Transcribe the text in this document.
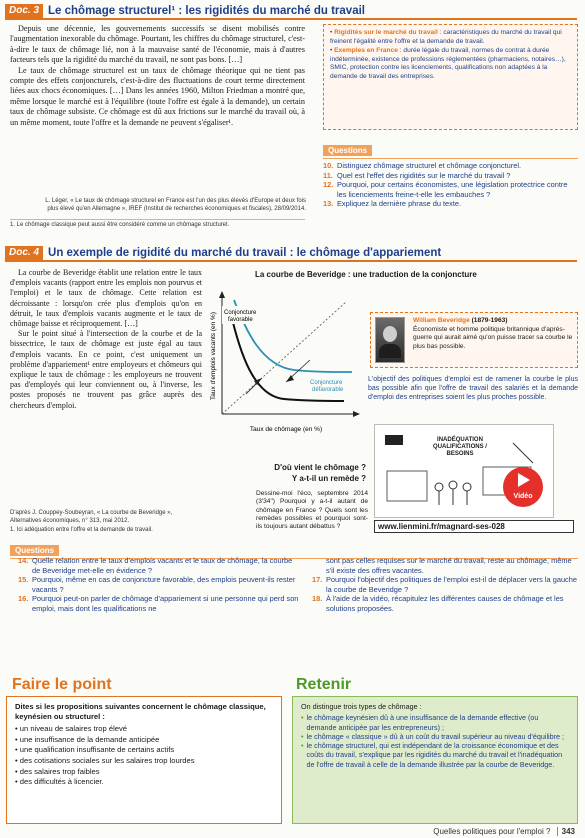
Doc. 3 Le chômage structurel¹ : les rigidités du marché du travail

Depuis une décennie, les gouvernements successifs se disent mobilisés contre l'augmentation inexorable du chômage. Pourtant, les chiffres du chômage structurel, c'est-à-dire le taux de chômage lié, non à la mauvaise santé de l'économie, mais à d'autres facteurs tels que la rigidité du marché du travail, ne sont pas bons. […]

Le taux de chômage structurel est un taux de chômage théorique qui ne tient pas compte des effets conjoncturels, c'est-à-dire des fluctuations de court terme directement liées aux chocs économiques. […] Dans les années 1960, Milton Friedman a montré que, même lorsque le marché est à l'équilibre (toute l'offre est égale à la demande), un certain taux de chômage subsiste. Ce chômage est dû aux frictions sur le marché du travail où, à un même moment, toute l'offre et la demande ne peuvent s'égaliser¹.

L. Léger, « Le taux de chômage structurel en France est l'un des plus élevés d'Europe et deux fois plus élevé qu'en Allemagne », IREF (Institut de recherches économiques et fiscales), 28/09/2014.
1. Le chômage classique peut aussi être considéré comme un chômage structurel.
• Rigidités sur le marché du travail : caractéristiques du marché du travail qui freinent l'égalité entre l'offre et la demande de travail.
• Exemples en France : durée légale du travail, normes de contrat à durée indéterminée, existence de professions réglementées (pharmaciens, notaires…), SMIC, protection contre les licenciements, qualifications non adaptées à la demande de travail des entreprises.
Questions
10. Distinguez chômage structurel et chômage conjoncturel.
11. Quel est l'effet des rigidités sur le marché du travail ?
12. Pourquoi, pour certains économistes, une législation protectrice contre les licenciements freine-t-elle les embauches ?
13. Expliquez la dernière phrase du texte.
Doc. 4 Un exemple de rigidité du marché du travail : le chômage d'appariement

La courbe de Beveridge établit une relation entre le taux d'emplois vacants (rapport entre les emplois non pourvus et l'emploi) et le taux de chômage. Cette relation est décroissante : lorsqu'on crée plus d'emplois qu'on en détruit, le taux d'emplois vacants augmente et le taux de chômage baisse et réciproquement. […]

Sur le point situé à l'intersection de la courbe et de la bissectrice, le taux de chômage est juste égal au taux d'emplois vacants. En ce point, c'est uniquement un problème d'appariement¹ entre employeurs et chômeurs qui explique le taux de chômage : les employeurs ne trouvent pas d'employés qui leur conviennent ou, à l'inverse, les postes proposés ne trouvent pas grâce auprès des chercheurs d'emploi.

D'après J. Couppey-Soubeyran, « La courbe de Beveridge », Alternatives économiques, n° 313, mai 2012.
1. Ici adéquation entre l'offre et la demande de travail.
La courbe de Beveridge : une traduction de la conjoncture
Taux d'emplois vacants (en %) Conjoncture favorable
Conjoncture défavorable
Taux de chômage (en %)
William Beveridge (1879-1963)
Économiste et homme politique britannique d'après-guerre qui aurait aimé qu'on puisse tracer sa courbe le plus bas possible.
L'objectif des politiques d'emploi est de ramener la courbe le plus bas possible afin que l'offre de travail des salariés et la demande d'emploi des entreprises soient les plus proches possible.
D'où vient le chômage ?
Y a-t-il un remède ?
Dessine-moi l'éco, septembre 2014 (3'34") Pourquoi y a-t-il autant de chômage en France ? Quels sont les remèdes possibles et pourquoi sont-ils toujours autant débattus ?
INADÉQUATION QUALIFICATIONS / BESOINS
Vidéo
www.lienmini.fr/magnard-ses-028
Questions
14. Quelle relation entre le taux d'emplois vacants et le taux de chômage, la courbe de Beveridge met-elle en évidence ?
15. Pourquoi, même en cas de conjoncture favorable, des emplois peuvent-ils rester vacants ?
16. Pourquoi peut-on parler de chômage d'appariement si une personne qui perd son emploi, mais dont les qualifications ne
sont pas celles requises sur le marché du travail, reste au chômage, même s'il existe des offres vacantes.
17. Pourquoi l'objectif des politiques de l'emploi est-il de déplacer vers la gauche la courbe de Beveridge ?
18. À l'aide de la vidéo, récapitulez les différentes causes de chômage et les solutions proposées.
Faire le point
Dites si les propositions suivantes concernent le chômage classique, keynésien ou structurel :
• un niveau de salaires trop élevé
• une insuffisance de la demande anticipée
• une qualification insuffisante de certains actifs
• des cotisations sociales sur les salaires trop lourdes
• des salaires trop faibles
• des difficultés à licencier.
Retenir
On distingue trois types de chômage :
• le chômage keynésien dû à une insuffisance de la demande effective (ou demande anticipée par les entrepreneurs) ;
• le chômage « classique » dû à un coût du travail supérieur au niveau d'équilibre ;
• le chômage structurel, qui est indépendant de la croissance économique et des coûts du travail, s'explique par les rigidités du marché du travail et l'inadéquation de l'offre de travail à celle de la demande illustrée par la courbe de Beveridge.
Quelles politiques pour l'emploi ? 343
